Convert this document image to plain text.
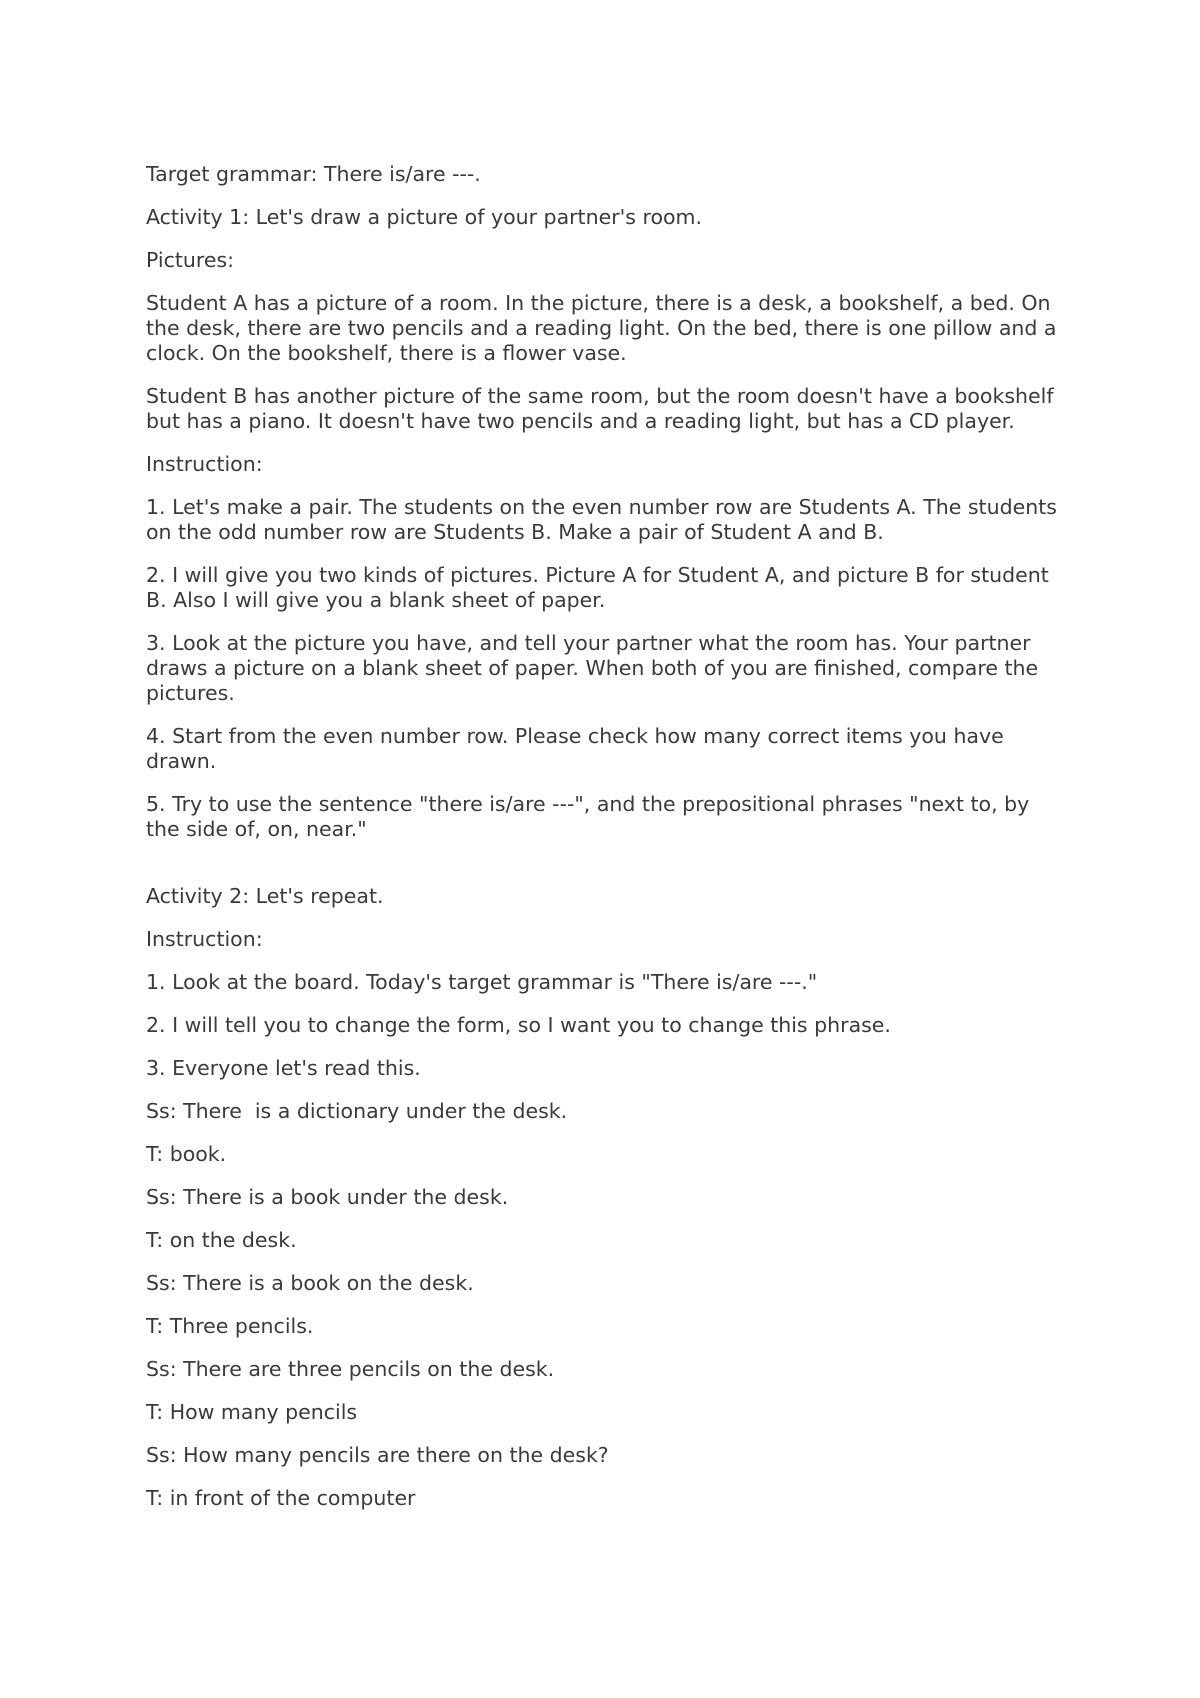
Target grammar: There is/are ---.

Activity 1: Let's draw a picture of your partner's room.

Pictures:

Student A has a picture of a room. In the picture, there is a desk, a bookshelf, a bed. On the desk, there are two pencils and a reading light. On the bed, there is one pillow and a clock. On the bookshelf, there is a flower vase.

Student B has another picture of the same room, but the room doesn't have a bookshelf but has a piano. It doesn't have two pencils and a reading light, but has a CD player.

Instruction:

1. Let's make a pair. The students on the even number row are Students A. The students on the odd number row are Students B. Make a pair of Student A and B.

2. I will give you two kinds of pictures. Picture A for Student A, and picture B for student B. Also I will give you a blank sheet of paper.

3. Look at the picture you have, and tell your partner what the room has. Your partner draws a picture on a blank sheet of paper. When both of you are finished, compare the pictures.

4. Start from the even number row. Please check how many correct items you have drawn.

5. Try to use the sentence "there is/are ---", and the prepositional phrases "next to, by the side of, on, near."

Activity 2: Let's repeat.

Instruction:

1. Look at the board. Today's target grammar is "There is/are ---."

2. I will tell you to change the form, so I want you to change this phrase.

3. Everyone let's read this.

Ss: There  is a dictionary under the desk.

T: book.

Ss: There is a book under the desk.

T: on the desk.

Ss: There is a book on the desk.

T: Three pencils.

Ss: There are three pencils on the desk.

T: How many pencils

Ss: How many pencils are there on the desk?

T: in front of the computer
